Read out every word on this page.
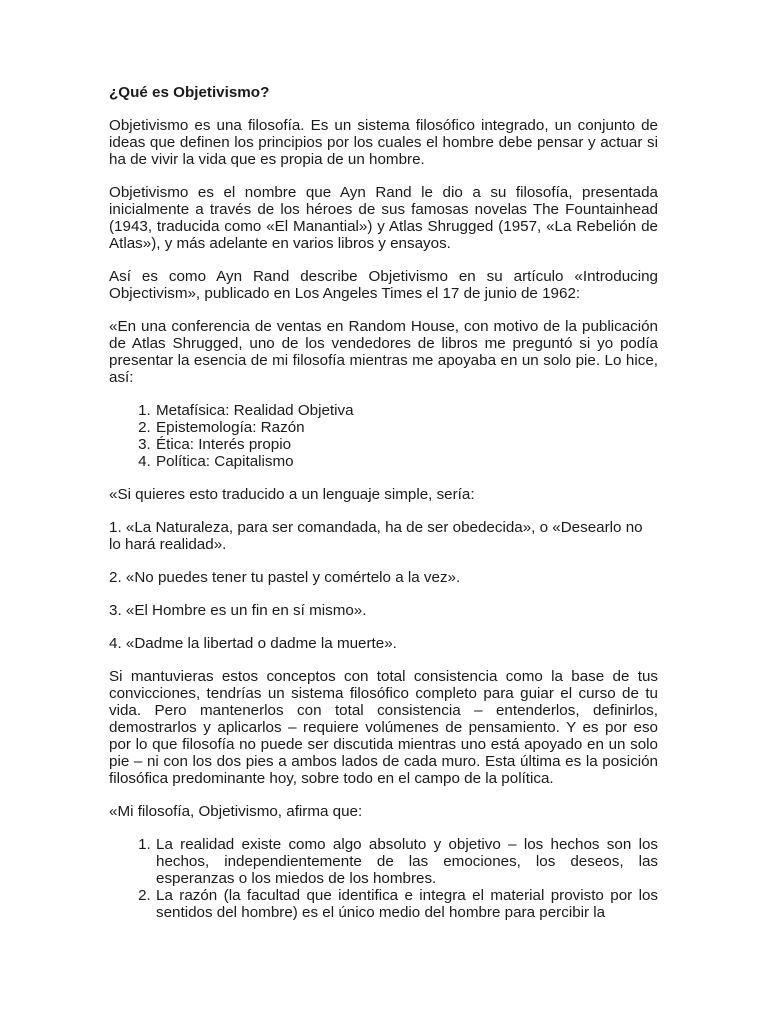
¿Qué es Objetivismo?

Objetivismo es una filosofía. Es un sistema filosófico integrado, un conjunto de ideas que definen los principios por los cuales el hombre debe pensar y actuar si ha de vivir la vida que es propia de un hombre.

Objetivismo es el nombre que Ayn Rand le dio a su filosofía, presentada inicialmente a través de los héroes de sus famosas novelas The Fountainhead (1943, traducida como «El Manantial») y Atlas Shrugged (1957, «La Rebelión de Atlas»), y más adelante en varios libros y ensayos.

Así es como Ayn Rand describe Objetivismo en su artículo «Introducing Objectivism», publicado en Los Angeles Times el 17 de junio de 1962:

«En una conferencia de ventas en Random House, con motivo de la publicación de Atlas Shrugged, uno de los vendedores de libros me preguntó si yo podía presentar la esencia de mi filosofía mientras me apoyaba en un solo pie. Lo hice, así:

1. Metafísica: Realidad Objetiva
2. Epistemología: Razón
3. Ética: Interés propio
4. Política: Capitalismo

«Si quieres esto traducido a un lenguaje simple, sería:

1. «La Naturaleza, para ser comandada, ha de ser obedecida», o «Desearlo no lo hará realidad».

2. «No puedes tener tu pastel y comértelo a la vez».

3. «El Hombre es un fin en sí mismo».

4. «Dadme la libertad o dadme la muerte».

Si mantuvieras estos conceptos con total consistencia como la base de tus convicciones, tendrías un sistema filosófico completo para guiar el curso de tu vida. Pero mantenerlos con total consistencia – entenderlos, definirlos, demostrarlos y aplicarlos – requiere volúmenes de pensamiento. Y es por eso por lo que filosofía no puede ser discutida mientras uno está apoyado en un solo pie – ni con los dos pies a ambos lados de cada muro. Esta última es la posición filosófica predominante hoy, sobre todo en el campo de la política.

«Mi filosofía, Objetivismo, afirma que:

1. La realidad existe como algo absoluto y objetivo – los hechos son los hechos, independientemente de las emociones, los deseos, las esperanzas o los miedos de los hombres.
2. La razón (la facultad que identifica e integra el material provisto por los sentidos del hombre) es el único medio del hombre para percibir la
